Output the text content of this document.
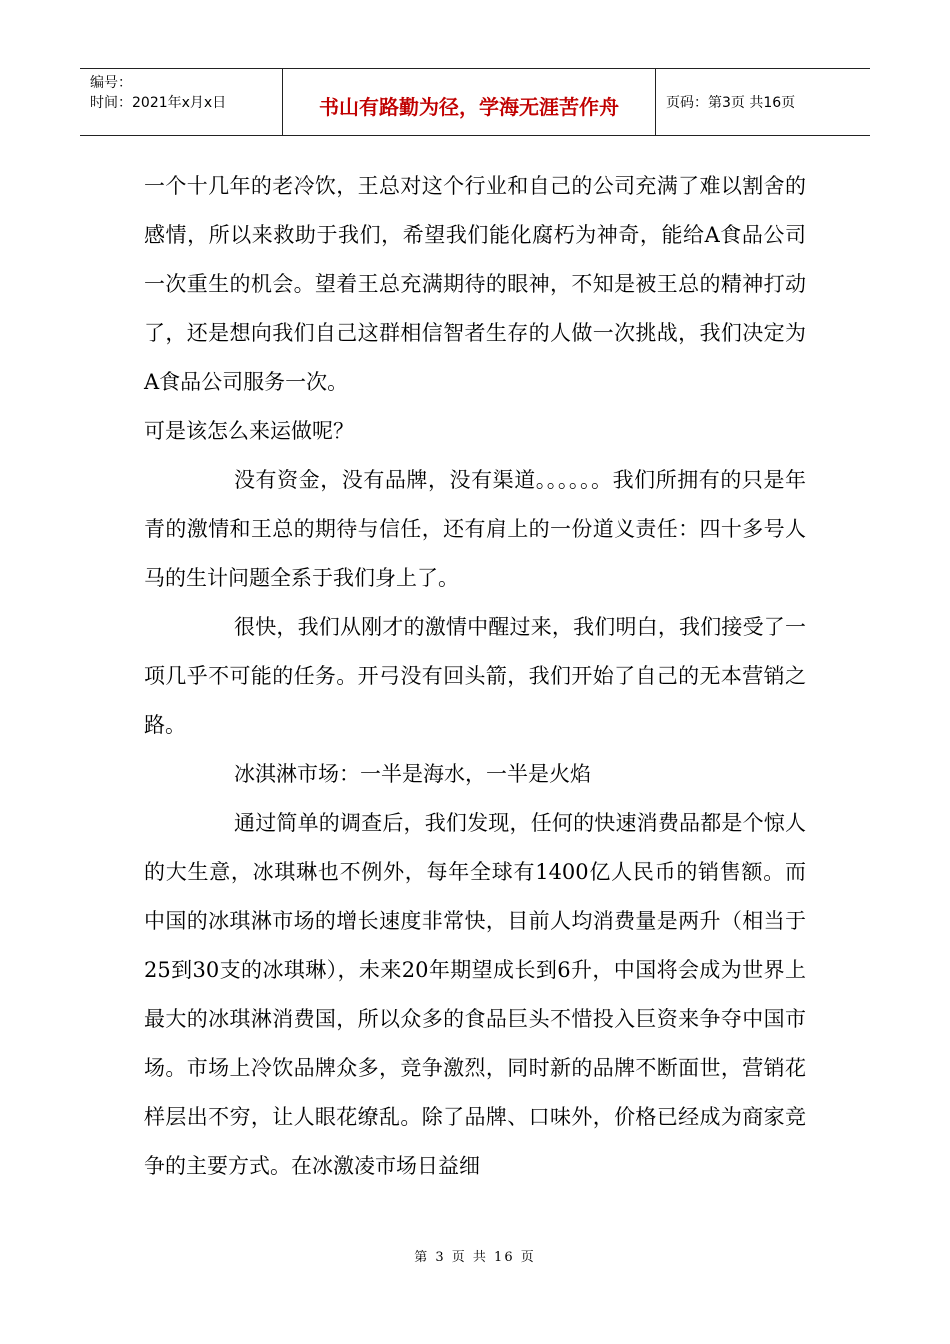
编号：
时间：2021年x月x日	书山有路勤为径，学海无涯苦作舟	页码：第3页 共16页

一个十几年的老冷饮，王总对这个行业和自己的公司充满了难以割舍的感情，所以来救助于我们，希望我们能化腐朽为神奇，能给A食品公司一次重生的机会。望着王总充满期待的眼神，不知是被王总的精神打动了，还是想向我们自己这群相信智者生存的人做一次挑战，我们决定为A食品公司服务一次。

可是该怎么来运做呢？

没有资金，没有品牌，没有渠道。。。。。。我们所拥有的只是年青的激情和王总的期待与信任，还有肩上的一份道义责任：四十多号人马的生计问题全系于我们身上了。

很快，我们从刚才的激情中醒过来，我们明白，我们接受了一项几乎不可能的任务。开弓没有回头箭，我们开始了自己的无本营销之路。

冰淇淋市场：一半是海水，一半是火焰

通过简单的调查后，我们发现，任何的快速消费品都是个惊人的大生意，冰琪琳也不例外，每年全球有1400亿人民币的销售额。而中国的冰琪淋市场的增长速度非常快，目前人均消费量是两升（相当于25到30支的冰琪琳），未来20年期望成长到6升，中国将会成为世界上最大的冰琪淋消费国，所以众多的食品巨头不惜投入巨资来争夺中国市场。市场上冷饮品牌众多，竞争激烈，同时新的品牌不断面世，营销花样层出不穷，让人眼花缭乱。除了品牌、口味外，价格已经成为商家竞争的主要方式。在冰激凌市场日益细

第 3 页 共 16 页
